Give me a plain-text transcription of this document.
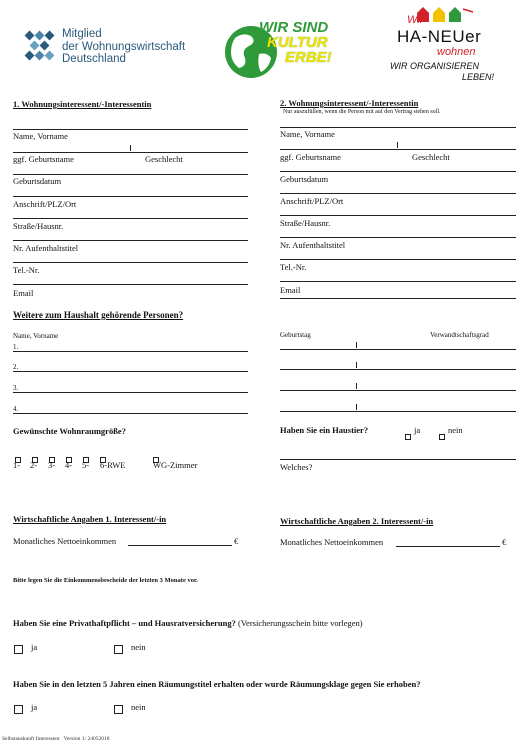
Mitglied
der Wohnungswirtschaft
Deutschland
WIR SIND
KULTUR
ERBE!
Wir
HA-NEUer
wohnen
WIR ORGANISIEREN
LEBEN!
1. Wohnungsinteressent/-Interessentin
Name, Vorname
ggf. Geburtsname	Geschlecht
Geburtsdatum
Anschrift/PLZ/Ort
Straße/Hausnr.
Nr. Aufenthaltstitel
Tel.-Nr.
Email
2. Wohnungsinteressent/-Interessentin
Nur auszufüllen, wenn die Person mit auf den Vertrag stehen soll.
Name, Vorname
ggf. Geburtsname	Geschlecht
Geburtsdatum
Anschrift/PLZ/Ort
Straße/Hausnr.
Nr. Aufenthaltstitel
Tel.-Nr.
Email
Weitere zum Haushalt gehörende Personen?
Name, Vorname	Geburtstag	Verwandtschaftsgrad
1.
2.
3.
4.
Gewünschte Wohnraumgröße?
1- 2- 3- 4- 5- 6-RWE	WG-Zimmer
Haben Sie ein Haustier?	ja	nein
Welches?
Wirtschaftliche Angaben 1. Interessent/-in
Monatliches Nettoeinkommen	€
Wirtschaftliche Angaben 2. Interessent/-in
Monatliches Nettoeinkommen	€
Bitte legen Sie die Einkommensbescheide der letzten 3 Monate vor.
Haben Sie eine Privathaftpflicht – und Hausratversicherung? (Versicherungsschein bitte vorlegen)
ja	nein
Haben Sie in den letzten 5 Jahren einen Räumungstitel erhalten oder wurde Räumungsklage gegen Sie erhoben?
ja	nein
Selbstauskunft Interessent   Version 1/ 24052018
